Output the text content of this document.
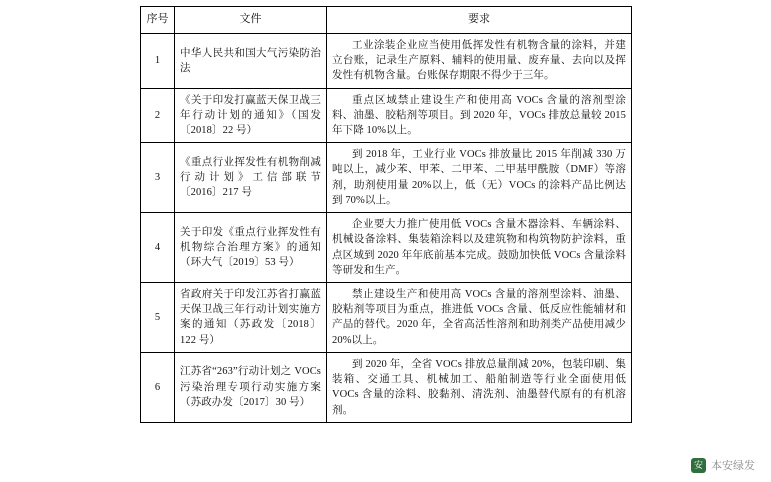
序号	文件	要求
1	中华人民共和国大气污染防治法	工业涂装企业应当使用低挥发性有机物含量的涂料，并建立台账，记录生产原料、辅料的使用量、废弃量、去向以及挥发性有机物含量。台账保存期限不得少于三年。

2	《关于印发打赢蓝天保卫战三年行动计划的通知》（国发〔2018〕22 号）	重点区域禁止建设生产和使用高 VOCs 含量的溶剂型涂料、油墨、胶粘剂等项目。到 2020 年，VOCs 排放总量较 2015 年下降 10%以上。

3	《重点行业挥发性有机物削减行动计划》工信部联节〔2016〕217 号	到 2018 年，工业行业 VOCs 排放量比 2015 年削减 330 万吨以上，减少苯、甲苯、二甲苯、二甲基甲酰胺（DMF）等溶剂，助剂使用量 20%以上，低（无）VOCs 的涂料产品比例达到 70%以上。

4	关于印发《重点行业挥发性有机物综合治理方案》的通知（环大气〔2019〕53 号）	企业要大力推广使用低 VOCs 含量木器涂料、车辆涂料、机械设备涂料、集装箱涂料以及建筑物和构筑物防护涂料，重点区域到 2020 年年底前基本完成。鼓励加快低 VOCs 含量涂料等研发和生产。

5	省政府关于印发江苏省打赢蓝天保卫战三年行动计划实施方案的通知（苏政发〔2018〕122 号）	禁止建设生产和使用高 VOCs 含量的溶剂型涂料、油墨、胶粘剂等项目为重点，推进低 VOCs 含量、低反应性能辅材和产品的替代。2020 年，全省高活性溶剂和助剂类产品使用减少 20%以上。

6	江苏省“263”行动计划之 VOCs 污染治理专项行动实施方案（苏政办发〔2017〕30 号）	到 2020 年，全省 VOCs 排放总量削减 20%，包装印刷、集装箱、交通工具、机械加工、船舶制造等行业全面使用低 VOCs 含量的涂料、胶黏剂、清洗剂、油墨替代原有的有机溶剂。
安 本安绿发
